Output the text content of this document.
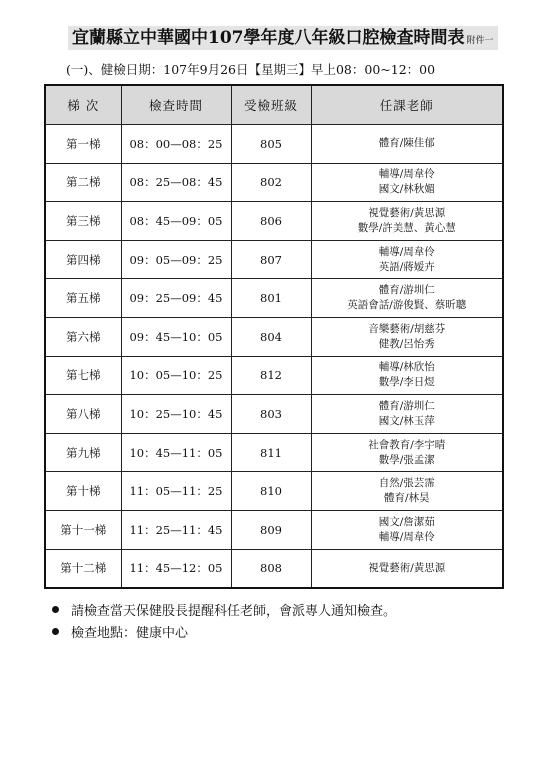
宜蘭縣立中華國中107學年度八年級口腔檢查時間表 附件一
(一)、健檢日期：107年9月26日【星期三】早上08：00~12：00
梯 次	檢查時間	受檢班級	任課老師
第一梯	08：00—08：25	805	體育/陳佳郁

第二梯	08：25—08：45	802	輔導/周韋伶
國文/林秋媚

第三梯	08：45—09：05	806	視覺藝術/黃思源
數學/許美慧、黃心慧

第四梯	09：05—09：25	807	輔導/周韋伶
英語/蔣嫒卉

第五梯	09：25—09：45	801	體育/游圳仁
英語會話/游俊賢、蔡昕聰

第六梯	09：45—10：05	804	音樂藝術/胡慈芬
健教/呂怡秀

第七梯	10：05—10：25	812	輔導/林欣怡
數學/李日煜

第八梯	10：25—10：45	803	體育/游圳仁
國文/林玉萍

第九梯	10：45—11：05	811	社會教育/李宇晴
數學/張孟潔

第十梯	11：05—11：25	810	自然/張芸霈
體育/林昊

第十一梯	11：25—11：45	809	國文/詹潔茹
輔導/周韋伶

第十二梯	11：45—12：05	808	視覺藝術/黃思源
請檢查當天保健股長提醒科任老師，會派專人通知檢查。
檢查地點：健康中心
